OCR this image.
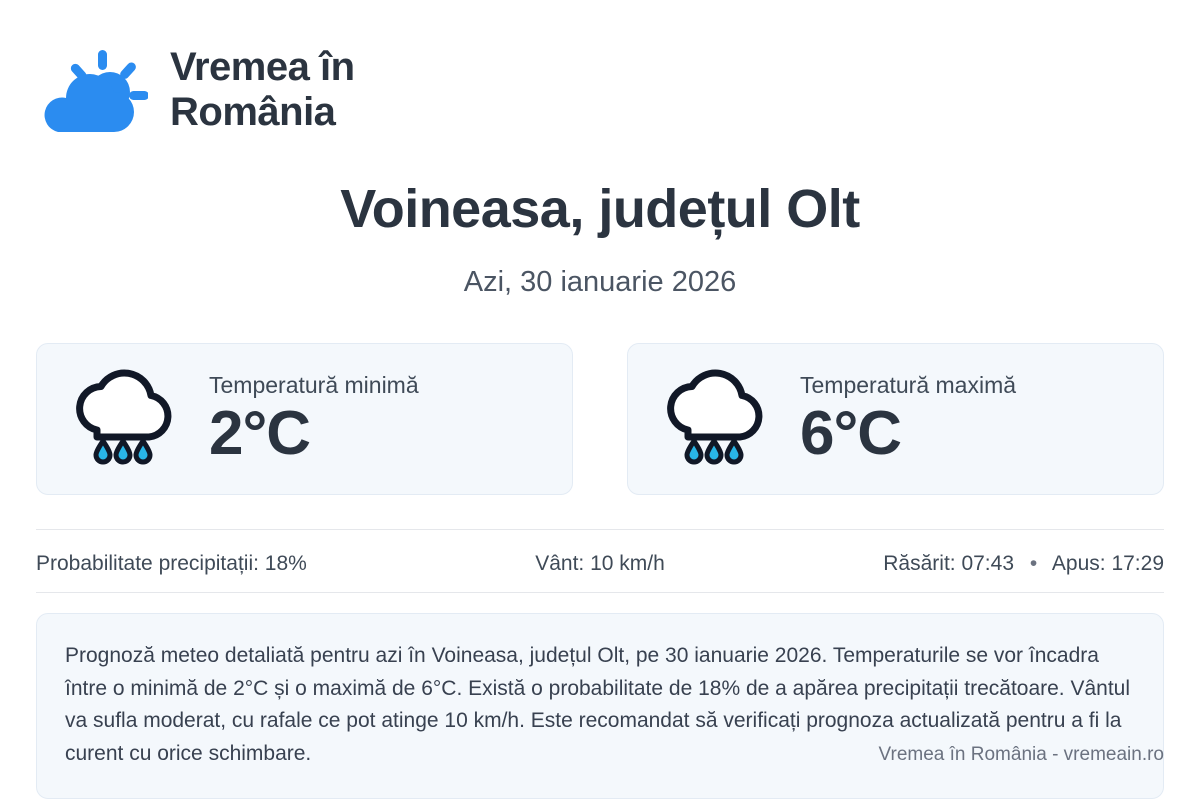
Vremea în
România
Voineasa, județul Olt
Azi, 30 ianuarie 2026
Temperatură minimă
2°C
Temperatură maximă
6°C
Probabilitate precipitații: 18%	Vânt: 10 km/h	Răsărit: 07:43 • Apus: 17:29
Prognoză meteo detaliată pentru azi în Voineasa, județul Olt, pe 30 ianuarie 2026. Temperaturile se vor încadra între o minimă de 2°C și o maximă de 6°C. Există o probabilitate de 18% de a apărea precipitații trecătoare. Vântul va sufla moderat, cu rafale ce pot atinge 10 km/h. Este recomandat să verificați prognoza actualizată pentru a fi la curent cu orice schimbare.	Vremea în România - vremeain.ro
